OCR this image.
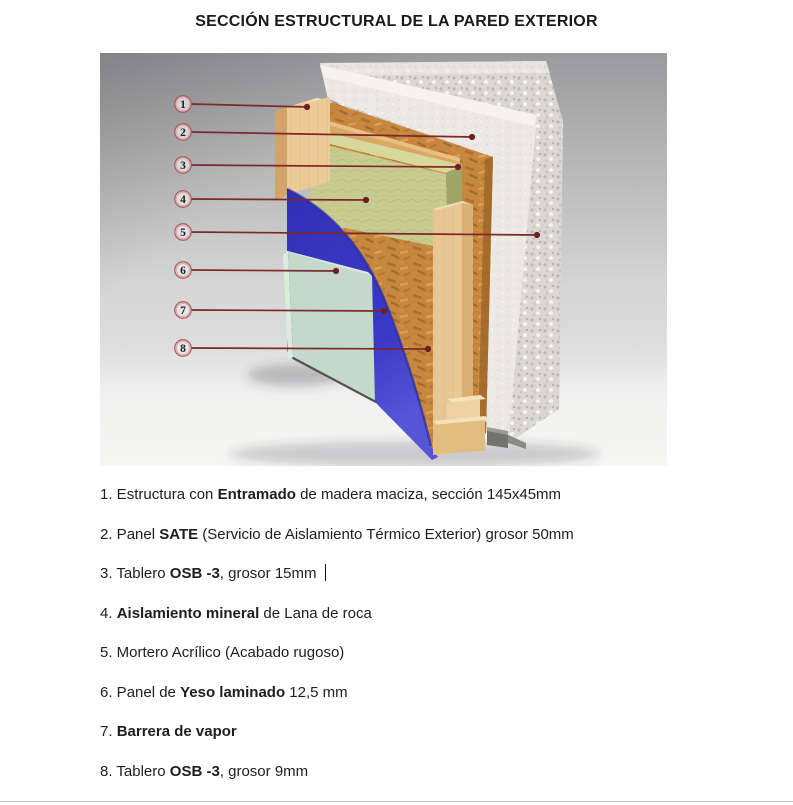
SECCIÓN ESTRUCTURAL DE LA PARED EXTERIOR
1
2
3
4
5
6
7
8

1. Estructura con Entramado de madera maciza, sección 145x45mm

2. Panel SATE (Servicio de Aislamiento Térmico Exterior) grosor 50mm

3. Tablero OSB -3, grosor 15mm

4. Aislamiento mineral de Lana de roca

5. Mortero Acrílico (Acabado rugoso)

6. Panel de Yeso laminado 12,5 mm

7. Barrera de vapor

8. Tablero OSB -3, grosor 9mm
